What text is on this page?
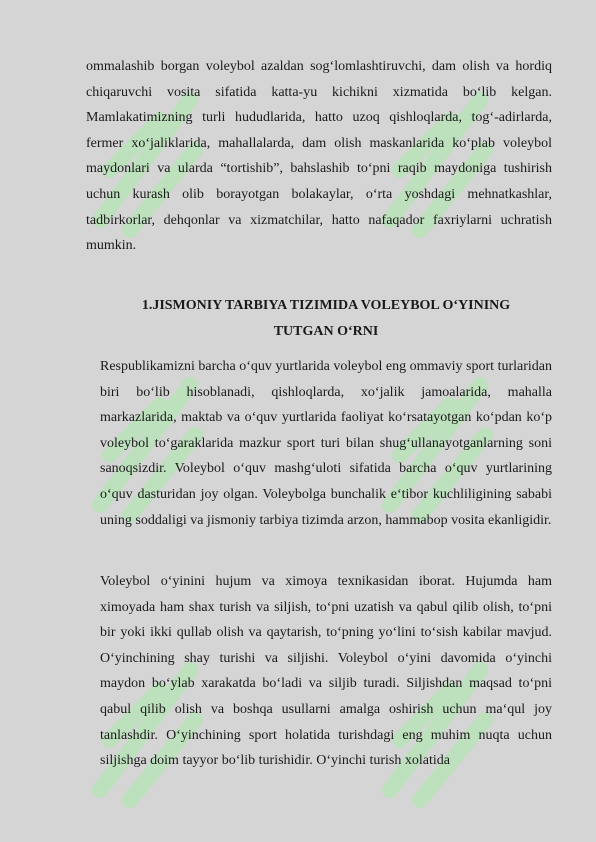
ommalashib borgan voleybol azaldan sog‘lomlashtiruvchi, dam olish va hordiq chiqaruvchi vosita sifatida katta-yu kichikni xizmatida bo‘lib kelgan. Mamlakatimizning turli hududlarida, hatto uzoq qishloqlarda, tog‘-adirlarda, fermer xo‘jaliklarida, mahallalarda, dam olish maskanlarida ko‘plab voleybol maydonlari va ularda “tortishib”, bahslashib to‘pni raqib maydoniga tushirish uchun kurash olib borayotgan bolakaylar, o‘rta yoshdagi mehnatkashlar, tadbirkorlar, dehqonlar va xizmatchilar, hatto nafaqador faxriylarni uchratish mumkin.

1.JISMONIY TARBIYA TIZIMIDA VOLEYBOL O‘YINING
TUTGAN O‘RNI

Respublikamizni barcha o‘quv yurtlarida voleybol eng ommaviy sport turlaridan biri bo‘lib hisoblanadi, qishloqlarda, xo‘jalik jamoalarida, mahalla markazlarida, maktab va o‘quv yurtlarida faoliyat ko‘rsatayotgan ko‘pdan ko‘p voleybol to‘garaklarida mazkur sport turi bilan shug‘ullanayotganlarning soni sanoqsizdir. Voleybol o‘quv mashg‘uloti sifatida barcha o‘quv yurtlarining o‘quv dasturidan joy olgan. Voleybolga bunchalik e‘tibor kuchliligining sababi uning soddaligi va jismoniy tarbiya tizimda arzon, hammabop vosita ekanligidir.

Voleybol o‘yinini hujum va ximoya texnikasidan iborat. Hujumda ham ximoyada ham shax turish va siljish, to‘pni uzatish va qabul qilib olish, to‘pni bir yoki ikki qullab olish va qaytarish, to‘pning yo‘lini to‘sish kabilar mavjud. O‘yinchining shay turishi va siljishi. Voleybol o‘yini davomida o‘yinchi maydon bo‘ylab xarakatda bo‘ladi va siljib turadi. Siljishdan maqsad to‘pni qabul qilib olish va boshqa usullarni amalga oshirish uchun ma‘qul joy tanlashdir. O‘yinchining sport holatida turishdagi eng muhim nuqta uchun siljishga doim tayyor bo‘lib turishidir. O‘yinchi turish xolatida
